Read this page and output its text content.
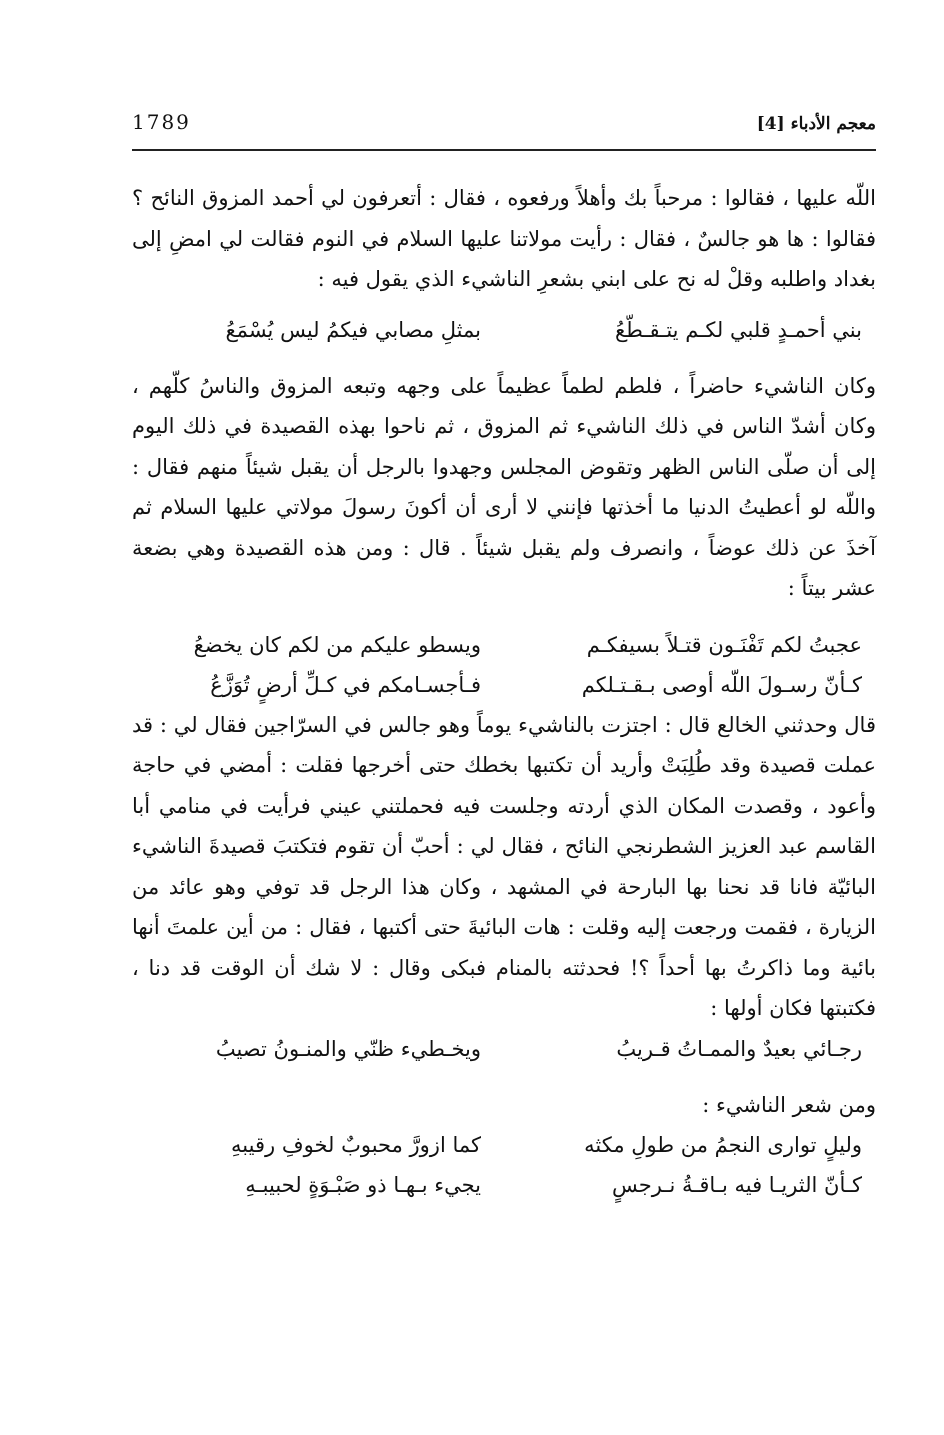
1789	معجم الأدباء [4]

اللّه عليها ، فقالوا : مرحباً بك وأهلاً ورفعوه ، فقال : أتعرفون لي أحمد المزوق النائح ؟ فقالوا : ها هو جالسٌ ، فقال : رأيت مولاتنا عليها السلام في النوم فقالت لي امضِ إلى بغداد واطلبه وقلْ له نح على ابني بشعرِ الناشيء الذي يقول فيه :

بني أحمـدٍ قلبي لكـم يتـقـطّعُ
بمثلِ مصابي فيكمُ ليس يُسْمَعُ

وكان الناشيء حاضراً ، فلطم لطماً عظيماً على وجهه وتبعه المزوق والناسُ كلّهم ، وكان أشدّ الناس في ذلك الناشيء ثم المزوق ، ثم ناحوا بهذه القصيدة في ذلك اليوم إلى أن صلّى الناس الظهر وتقوض المجلس وجهدوا بالرجل أن يقبل شيئاً منهم فقال : واللّه لو أعطيتُ الدنيا ما أخذتها فإنني لا أرى أن أكونَ رسولَ مولاتي عليها السلام ثم آخذَ عن ذلك عوضاً ، وانصرف ولم يقبل شيئاً . قال : ومن هذه القصيدة وهي بضعة عشر بيتاً :

عجبتُ لكم تَفْنَـون قتـلاً بسيفكـم
ويسطو عليكم من لكم كان يخضعُ
كـأنّ رسـولَ اللّه أوصى بـقـتـلكم
فـأجسـامكم في كـلِّ أرضٍ تُوَزَّعُ

قال وحدثني الخالع قال : اجتزت بالناشيء يوماً وهو جالس في السرّاجين فقال لي : قد عملت قصيدة وقد طُلِبَتْ وأريد أن تكتبها بخطك حتى أخرجها فقلت : أمضي في حاجة وأعود ، وقصدت المكان الذي أردته وجلست فيه فحملتني عيني فرأيت في منامي أبا القاسم عبد العزيز الشطرنجي النائح ، فقال لي : أحبّ أن تقوم فتكتبَ قصيدةَ الناشيء البائيّة فانا قد نحنا بها البارحة في المشهد ، وكان هذا الرجل قد توفي وهو عائد من الزيارة ، فقمت ورجعت إليه وقلت : هات البائيةَ حتى أكتبها ، فقال : من أين علمتَ أنها بائية وما ذاكرتُ بها أحداً ؟! فحدثته بالمنام فبكى وقال : لا شك أن الوقت قد دنا ، فكتبتها فكان أولها :

رجـائي بعيدٌ والممـاتُ قـريبُ
ويخـطيء ظنّي والمنـونُ تصيبُ

ومن شعر الناشيء :

وليلٍ توارى النجمُ من طولِ مكثه
كما ازورَّ محبوبٌ لخوفِ رقيبهِ
كـأنّ الثريـا فيه بـاقـةُ نـرجسٍ
يجيء بـهـا ذو صَبْـوَةٍ لحبيبـهِ
